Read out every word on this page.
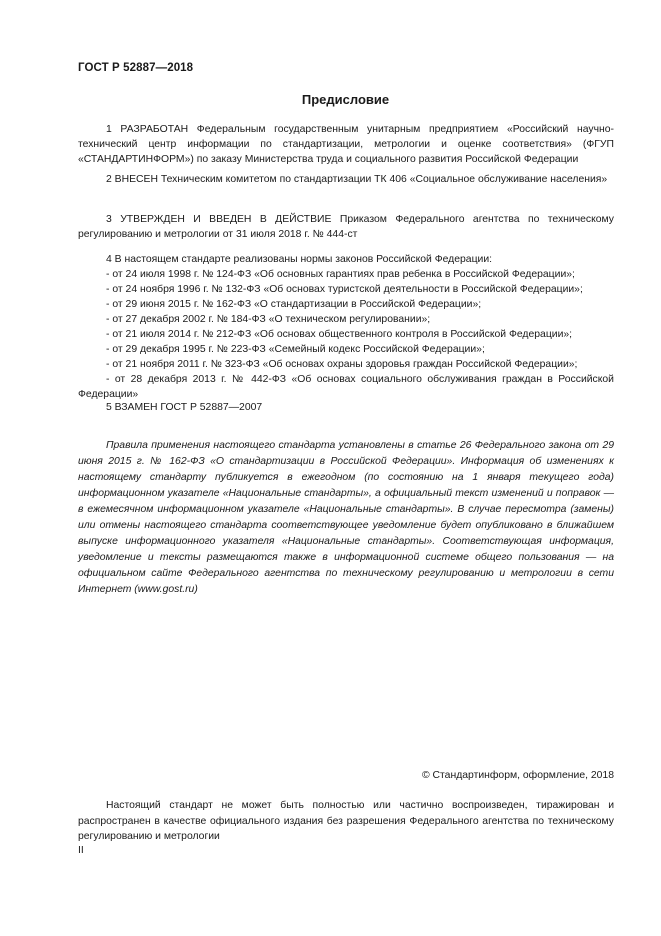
ГОСТ Р 52887—2018
Предисловие
1 РАЗРАБОТАН Федеральным государственным унитарным предприятием «Российский научно-технический центр информации по стандартизации, метрологии и оценке соответствия» (ФГУП «СТАНДАРТИНФОРМ») по заказу Министерства труда и социального развития Российской Федерации
2 ВНЕСЕН Техническим комитетом по стандартизации ТК 406 «Социальное обслуживание населения»
3 УТВЕРЖДЕН И ВВЕДЕН В ДЕЙСТВИЕ Приказом Федерального агентства по техническому регулированию и метрологии от 31 июля 2018 г. № 444-ст

4 В настоящем стандарте реализованы нормы законов Российской Федерации:

- от 24 июля 1998 г. № 124-ФЗ «Об основных гарантиях прав ребенка в Российской Федерации»;
- от 24 ноября 1996 г. № 132-ФЗ «Об основах туристской деятельности в Российской Федерации»;
- от 29 июня 2015 г. № 162-ФЗ «О стандартизации в Российской Федерации»;
- от 27 декабря 2002 г. № 184-ФЗ «О техническом регулировании»;
- от 21 июля 2014 г. № 212-ФЗ «Об основах общественного контроля в Российской Федерации»;
- от 29 декабря 1995 г. № 223-ФЗ «Семейный кодекс Российской Федерации»;
- от 21 ноября 2011 г. № 323-ФЗ «Об основах охраны здоровья граждан Российской Федерации»;
- от 28 декабря 2013 г. № 442-ФЗ «Об основах социального обслуживания граждан в Российской Федерации»
5 ВЗАМЕН ГОСТ Р 52887—2007
Правила применения настоящего стандарта установлены в статье 26 Федерального закона от 29 июня 2015 г. № 162-ФЗ «О стандартизации в Российской Федерации». Информация об изменениях к настоящему стандарту публикуется в ежегодном (по состоянию на 1 января текущего года) информационном указателе «Национальные стандарты», а официальный текст изменений и поправок — в ежемесячном информационном указателе «Национальные стандарты». В случае пересмотра (замены) или отмены настоящего стандарта соответствующее уведомление будет опубликовано в ближайшем выпуске информационного указателя «Национальные стандарты». Соответствующая информация, уведомление и тексты размещаются также в информационной системе общего пользования — на официальном сайте Федерального агентства по техническому регулированию и метрологии в сети Интернет (www.gost.ru)
© Стандартинформ, оформление, 2018
Настоящий стандарт не может быть полностью или частично воспроизведен, тиражирован и распространен в качестве официального издания без разрешения Федерального агентства по техническому регулированию и метрологии
II
